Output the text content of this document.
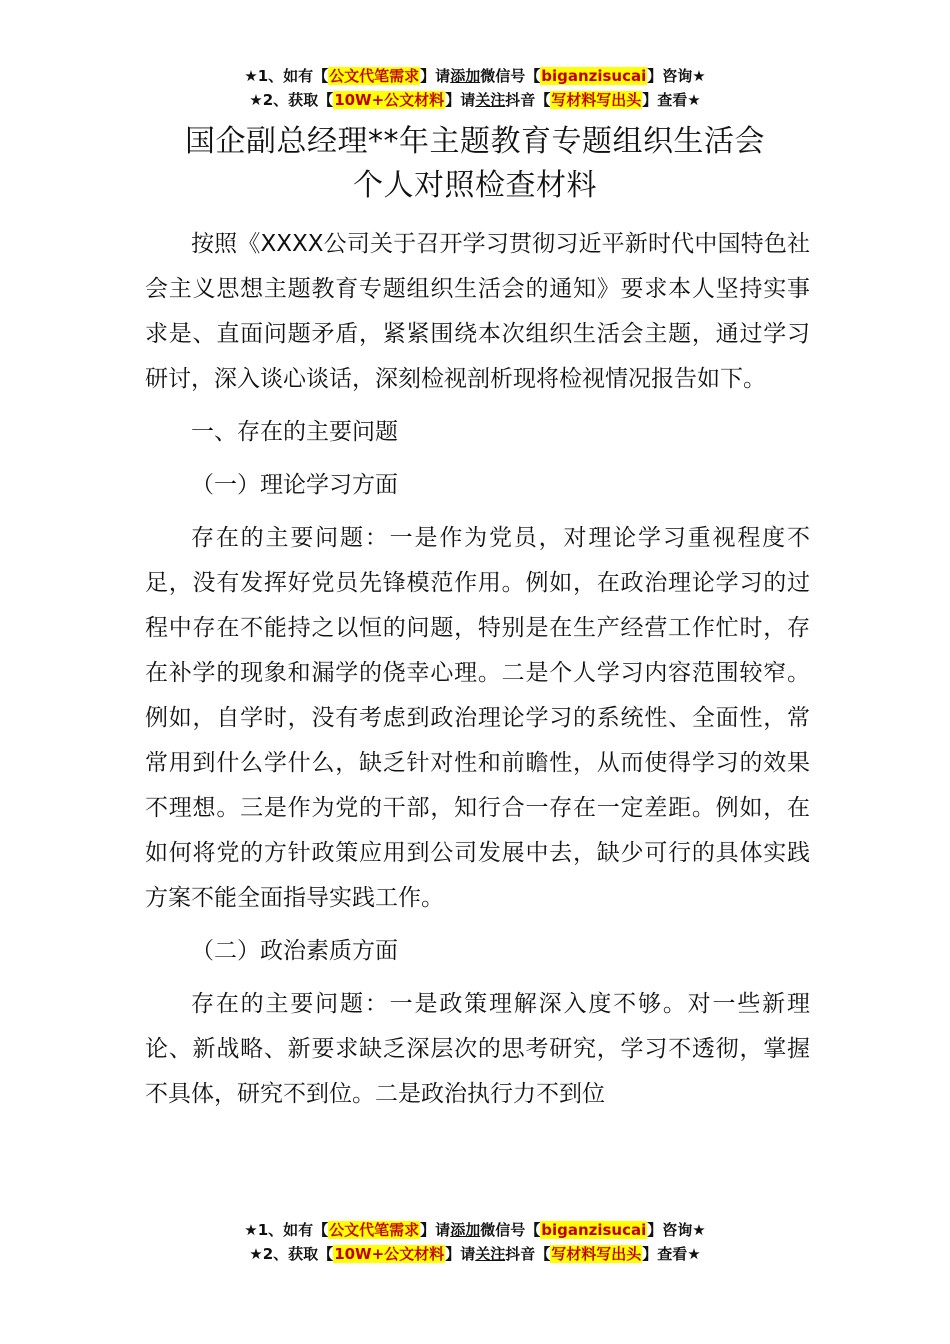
★1、如有【公文代笔需求】请添加微信号【biganzisucai】咨询★
★2、获取【10W+公文材料】请关注抖音【写材料写出头】查看★
国企副总经理**年主题教育专题组织生活会
个人对照检查材料

按照《XXXX公司关于召开学习贯彻习近平新时代中国特色社会主义思想主题教育专题组织生活会的通知》要求本人坚持实事求是、直面问题矛盾，紧紧围绕本次组织生活会主题，通过学习研讨，深入谈心谈话，深刻检视剖析现将检视情况报告如下。

一、存在的主要问题

（一）理论学习方面

存在的主要问题：一是作为党员，对理论学习重视程度不足，没有发挥好党员先锋模范作用。例如，在政治理论学习的过程中存在不能持之以恒的问题，特别是在生产经营工作忙时，存在补学的现象和漏学的侥幸心理。二是个人学习内容范围较窄。例如，自学时，没有考虑到政治理论学习的系统性、全面性，常常用到什么学什么，缺乏针对性和前瞻性，从而使得学习的效果不理想。三是作为党的干部，知行合一存在一定差距。例如，在如何将党的方针政策应用到公司发展中去，缺少可行的具体实践方案不能全面指导实践工作。

（二）政治素质方面

存在的主要问题：一是政策理解深入度不够。对一些新理论、新战略、新要求缺乏深层次的思考研究，学习不透彻，掌握不具体，研究不到位。二是政治执行力不到位

★1、如有【公文代笔需求】请添加微信号【biganzisucai】咨询★
★2、获取【10W+公文材料】请关注抖音【写材料写出头】查看★
